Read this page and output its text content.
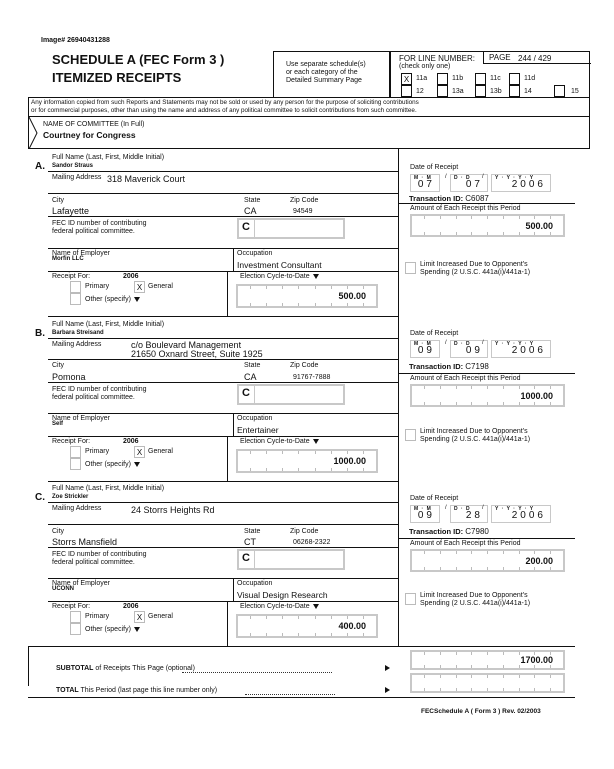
Image# 26940431288
SCHEDULE A (FEC Form 3 )
ITEMIZED RECEIPTS
Use separate schedule(s)
or each category of the
Detailed Summary Page
FOR LINE NUMBER:
(check only one)
PAGE 244 / 429
X 11a	11b	11c	11d
12	13a	13b	14	15
Any information copied from such Reports and Statements may not be sold or used by any person for the purpose of soliciting contributions
or for commercial purposes, other than using the name and address of any political committee to solicit contributions from such committee.
NAME OF COMMITTEE (In Full)
Courtney for Congress
Full Name (Last, First, Middle Initial)
A. Sandor Straus
Mailing Address 318 Maverick Court
City	State	Zip Code
Lafayette	CA	94549
FEC ID number of contributing
federal political committee.	C
Name of Employer
Morfin LLC
Occupation
Investment Consultant
Receipt For:	2006
Primary	X General
Other (specify)
Election Cycle-to-Date
500.00
Date of Receipt
M · M
07
/ D · D
07
/ Y · Y · Y · Y
2006
Transaction ID: C6087
Amount of Each Receipt this Period
500.00
Limit Increased Due to Opponent's
Spending (2 U.S.C. 441a(i)/441a-1)
Full Name (Last, First, Middle Initial)
B. Barbara Streisand
Mailing Address	c/o Boulevard Management
21650 Oxnard Street, Suite 1925
City	State	Zip Code
Pomona	CA	91767-7888
FEC ID number of contributing
federal political committee.	C
Name of Employer
Self
Occupation
Entertainer
Receipt For:	2006
Primary	X General
Other (specify)
Election Cycle-to-Date
1000.00
Date of Receipt
M · M
09
/ D · D
09
/ Y · Y · Y · Y
2006
Transaction ID: C7198
Amount of Each Receipt this Period
1000.00
Limit Increased Due to Opponent's
Spending (2 U.S.C. 441a(i)/441a-1)
Full Name (Last, First, Middle Initial)
C. Zoe Strickler
Mailing Address	24 Storrs Heights Rd
City	State	Zip Code
Storrs Mansfield	CT	06268-2322
FEC ID number of contributing
federal political committee.	C
Name of Employer
UCONN
Occupation
Visual Design Research
Receipt For:	2006
Primary	X General
Other (specify)
Election Cycle-to-Date
400.00
Date of Receipt
M · M
09
/ D · D
28
/ Y · Y · Y · Y
2006
Transaction ID: C7980
Amount of Each Receipt this Period
200.00
Limit Increased Due to Opponent's
Spending (2 U.S.C. 441a(i)/441a-1)
SUBTOTAL of Receipts This Page (optional)
1700.00
TOTAL This Period (last page this line number only)
FECSchedule A ( Form 3 ) Rev. 02/2003
